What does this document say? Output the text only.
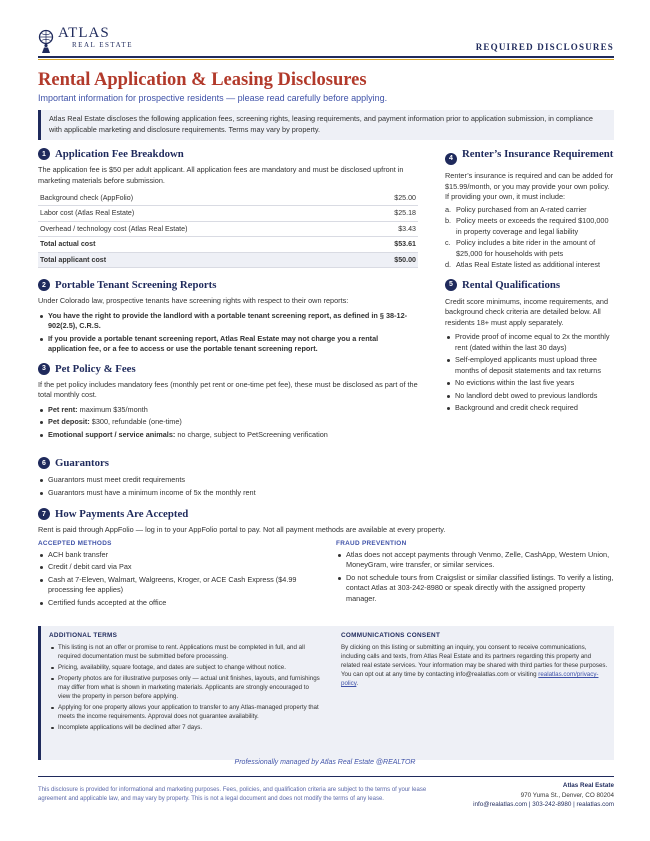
ATLAS
REAL ESTATE	REQUIRED DISCLOSURES
Rental Application & Leasing Disclosures
Important information for prospective residents — please read carefully before applying.
Atlas Real Estate discloses the following application fees, screening rights, leasing requirements, and payment information prior to application submission, in compliance with applicable marketing and disclosure requirements. Terms may vary by property.
1 Application Fee Breakdown
The application fee is $50 per adult applicant. All application fees are mandatory and must be disclosed upfront in marketing materials before submission.
Background check (AppFolio)	$25.00
Labor cost (Atlas Real Estate)	$25.18
Overhead / technology cost (Atlas Real Estate)	$3.43
Total actual cost	$53.61
Total applicant cost	$50.00
2 Portable Tenant Screening Reports
Under Colorado law, prospective tenants have screening rights with respect to their own reports:
You have the right to provide the landlord with a portable tenant screening report, as defined in § 38-12-902(2.5), C.R.S.
If you provide a portable tenant screening report, Atlas Real Estate may not charge you a rental application fee, or a fee to access or use the portable tenant screening report.
3 Pet Policy & Fees
If the pet policy includes mandatory fees (monthly pet rent or one-time pet fee), these must be disclosed as part of the total monthly cost.
Pet rent: maximum $35/month
Pet deposit: $300, refundable (one-time)
Emotional support / service animals: no charge, subject to PetScreening verification
4 Renter’s Insurance Requirement
Renter’s insurance is required and can be added for $15.99/month, or you may provide your own policy. If providing your own, it must include:
a. Policy purchased from an A-rated carrier
b. Policy meets or exceeds the required $100,000 in property coverage and legal liability
c. Policy includes a bite rider in the amount of $25,000 for households with pets
d. Atlas Real Estate listed as additional interest
5 Rental Qualifications
Credit score minimums, income requirements, and background check criteria are detailed below. All residents 18+ must apply separately.
Provide proof of income equal to 2x the monthly rent (dated within the last 30 days)
Self-employed applicants must upload three months of deposit statements and tax returns
No evictions within the last five years
No landlord debt owed to previous landlords
Background and credit check required
6 Guarantors
Guarantors must meet credit requirements
Guarantors must have a minimum income of 5x the monthly rent
7 How Payments Are Accepted
Rent is paid through AppFolio — log in to your AppFolio portal to pay. Not all payment methods are available at every property.
ACCEPTED METHODS
ACH bank transfer
Credit / debit card via Pax
Cash at 7-Eleven, Walmart, Walgreens, Kroger, or ACE Cash Express ($4.99 processing fee applies)
Certified funds accepted at the office
FRAUD PREVENTION
Atlas does not accept payments through Venmo, Zelle, CashApp, Western Union, MoneyGram, wire transfer, or similar services.
Do not schedule tours from Craigslist or similar classified listings. To verify a listing, contact Atlas at 303-242-8980 or speak directly with the assigned property manager.
ADDITIONAL TERMS
This listing is not an offer or promise to rent. Applications must be completed in full, and all required documentation must be submitted before processing.
Pricing, availability, square footage, and dates are subject to change without notice.
Property photos are for illustrative purposes only — actual unit finishes, layouts, and furnishings may differ from what is shown in marketing materials. Applicants are strongly encouraged to view the property in person before applying.
Applying for one property allows your application to transfer to any Atlas-managed property that meets the income requirements. Approval does not guarantee availability.
Incomplete applications will be declined after 7 days.
COMMUNICATIONS CONSENT
By clicking on this listing or submitting an inquiry, you consent to receive communications, including calls and texts, from Atlas Real Estate and its partners regarding this property and related real estate services. Your information may be shared with third parties for these purposes. You can opt out at any time by contacting info@realatlas.com or visiting realatlas.com/privacy-policy.
Professionally managed by Atlas Real Estate @REALTOR
This disclosure is provided for informational and marketing purposes. Fees, policies, and qualification criteria are subject to the terms of your lease agreement and applicable law, and may vary by property. This is not a legal document and does not modify the terms of any lease.
Atlas Real Estate
970 Yuma St., Denver, CO 80204
info@realatlas.com | 303-242-8980 | realatlas.com
